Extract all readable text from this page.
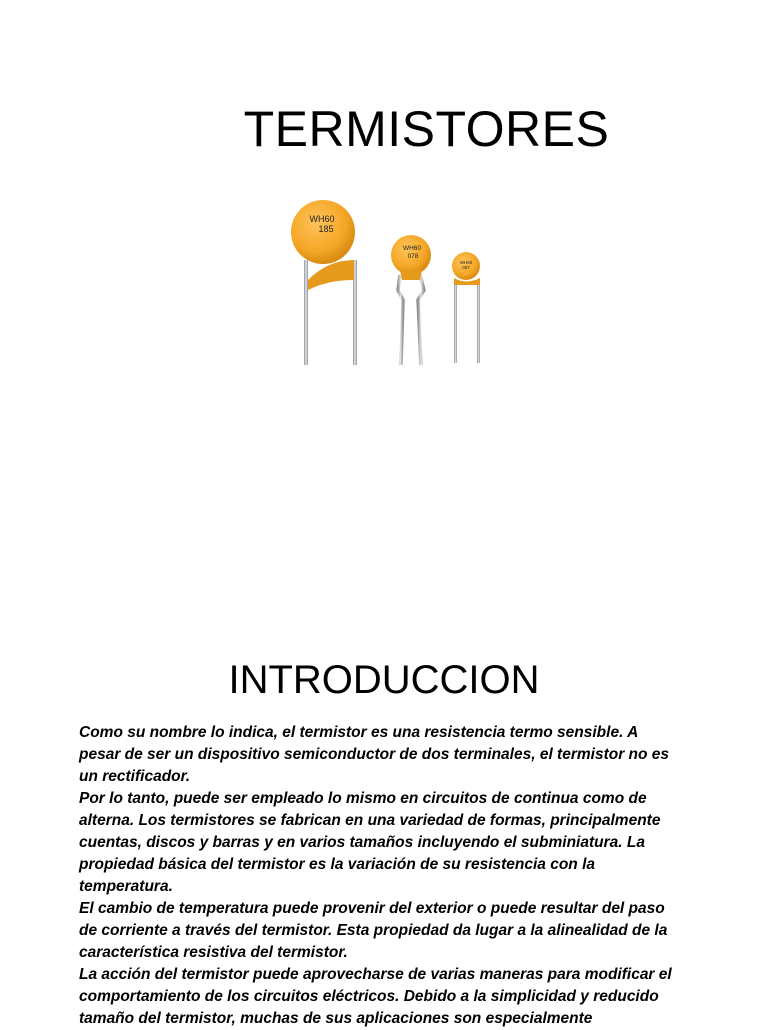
TERMISTORES
WH60
185
WH60
078
WH60
057
INTRODUCCION

Como su nombre lo indica, el termistor es una resistencia termo sensible. A pesar de ser un dispositivo semiconductor de dos terminales, el termistor no es un rectificador.

Por lo tanto, puede ser empleado lo mismo en circuitos de continua como de alterna. Los termistores se fabrican en una variedad de formas, principalmente cuentas, discos y barras y en varios tamaños incluyendo el subminiatura. La propiedad básica del termistor es la variación de su resistencia con la temperatura.

El cambio de temperatura puede provenir del exterior o puede resultar del paso de corriente a través del termistor. Esta propiedad da lugar a la alinealidad de la característica resistiva del termistor.

La acción del termistor puede aprovecharse de varias maneras para modificar el comportamiento de los circuitos eléctricos. Debido a la simplicidad y reducido tamaño del termistor, muchas de sus aplicaciones son especialmente
